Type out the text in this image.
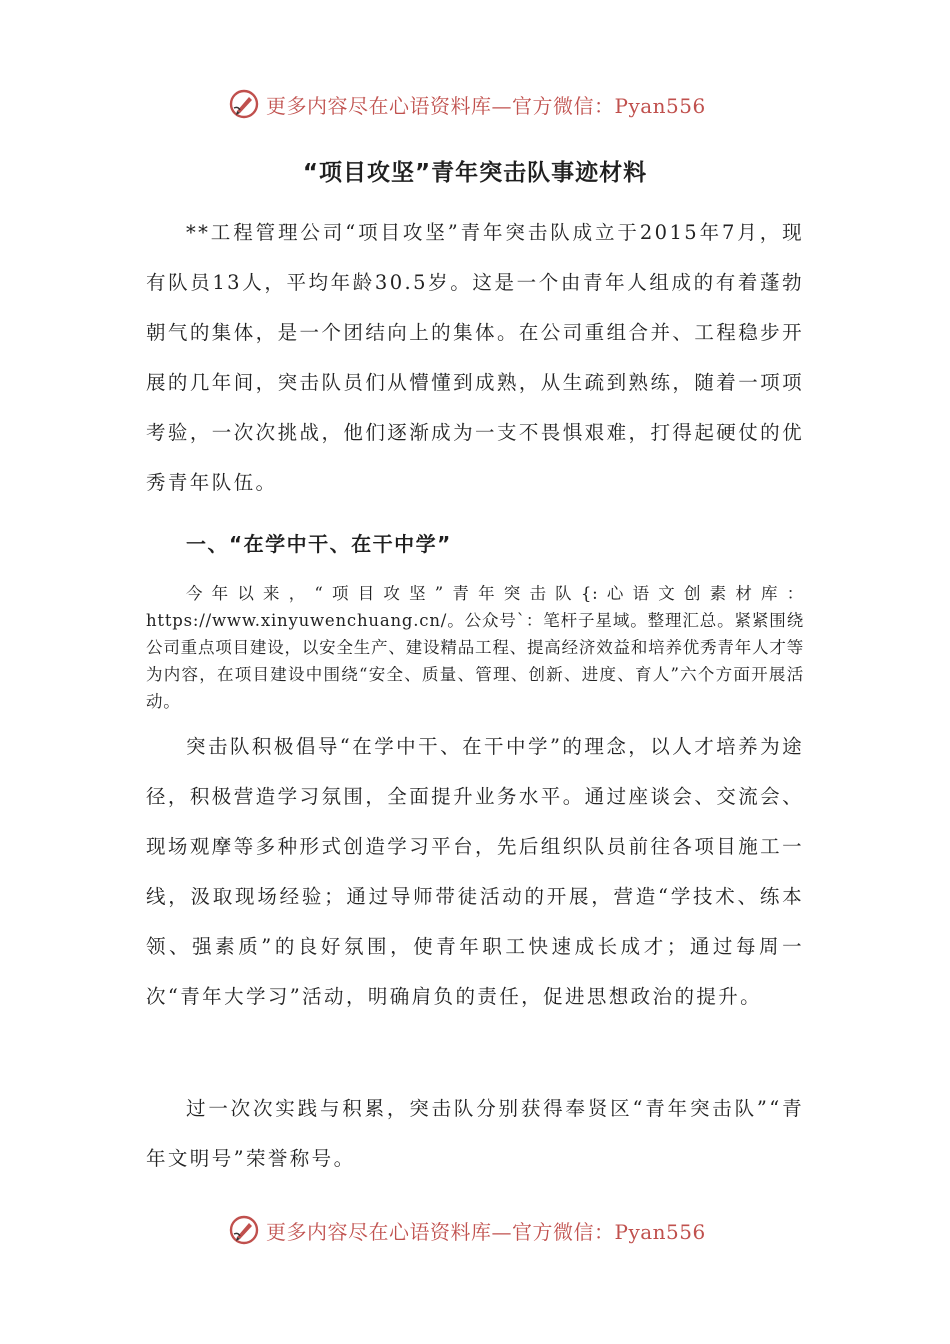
更多内容尽在心语资料库—官方微信：Pyan556
“项目攻坚”青年突击队事迹材料

**工程管理公司“项目攻坚”青年突击队成立于2015年7月，现有队员13人，平均年龄30.5岁。这是一个由青年人组成的有着蓬勃朝气的集体，是一个团结向上的集体。在公司重组合并、工程稳步开展的几年间，突击队员们从懵懂到成熟，从生疏到熟练，随着一项项考验，一次次挑战，他们逐渐成为一支不畏惧艰难，打得起硬仗的优秀青年队伍。

一、“在学中干、在干中学”

今年以来，“项目攻坚”青年突击队{:心语文创素材库：https://www.xinyuwenchuang.cn/。公众号`：笔杆子星域。整理汇总。紧紧围绕公司重点项目建设，以安全生产、建设精品工程、提高经济效益和培养优秀青年人才等为内容，在项目建设中围绕“安全、质量、管理、创新、进度、育人”六个方面开展活动。

突击队积极倡导“在学中干、在干中学”的理念，以人才培养为途径，积极营造学习氛围，全面提升业务水平。通过座谈会、交流会、现场观摩等多种形式创造学习平台，先后组织队员前往各项目施工一线，汲取现场经验；通过导师带徒活动的开展，营造“学技术、练本领、强素质”的良好氛围，使青年职工快速成长成才；通过每周一次“青年大学习”活动，明确肩负的责任，促进思想政治的提升。

过一次次实践与积累，突击队分别获得奉贤区“青年突击队”“青年文明号”荣誉称号。

更多内容尽在心语资料库—官方微信：Pyan556
